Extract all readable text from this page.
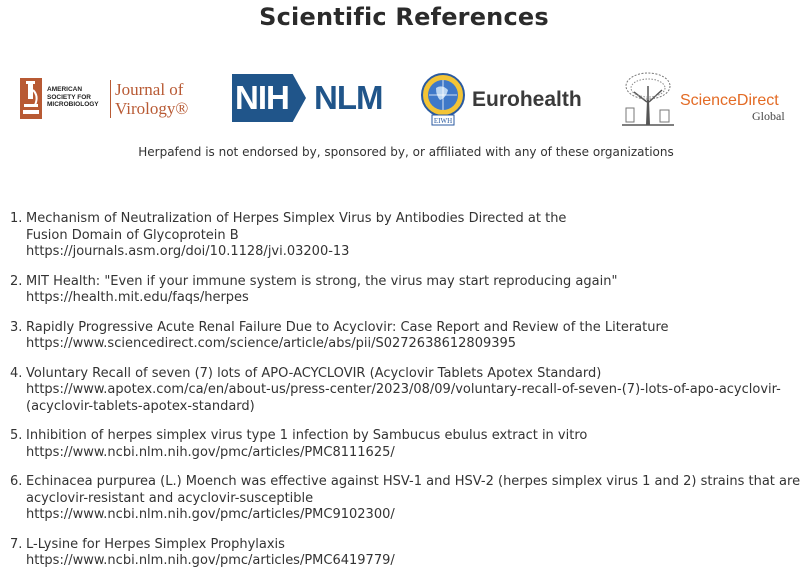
Scientific References
AMERICAN SOCIETY FOR MICROBIOLOGY
Journal of
Virology® NIH NLM
EIWH
Eurohealth	ScienceDirect
Global
Herpafend is not endorsed by, sponsored by, or affiliated with any of these organizations
1. Mechanism of Neutralization of Herpes Simplex Virus by Antibodies Directed at the Fusion Domain of Glycoprotein B
https://journals.asm.org/doi/10.1128/jvi.03200-13
2. MIT Health: "Even if your immune system is strong, the virus may start reproducing again"
https://health.mit.edu/faqs/herpes
3. Rapidly Progressive Acute Renal Failure Due to Acyclovir: Case Report and Review of the Literature
https://www.sciencedirect.com/science/article/abs/pii/S0272638612809395
4. Voluntary Recall of seven (7) lots of APO-ACYCLOVIR (Acyclovir Tablets Apotex Standard)
https://www.apotex.com/ca/en/about-us/press-center/2023/08/09/voluntary-recall-of-seven-(7)-lots-of-apo-acyclovir-(acyclovir-tablets-apotex-standard)
5. Inhibition of herpes simplex virus type 1 infection by Sambucus ebulus extract in vitro
https://www.ncbi.nlm.nih.gov/pmc/articles/PMC8111625/
6. Echinacea purpurea (L.) Moench was effective against HSV-1 and HSV-2 (herpes simplex virus 1 and 2) strains that are acyclovir-resistant and acyclovir-susceptible
https://www.ncbi.nlm.nih.gov/pmc/articles/PMC9102300/
7. L-Lysine for Herpes Simplex Prophylaxis
https://www.ncbi.nlm.nih.gov/pmc/articles/PMC6419779/
